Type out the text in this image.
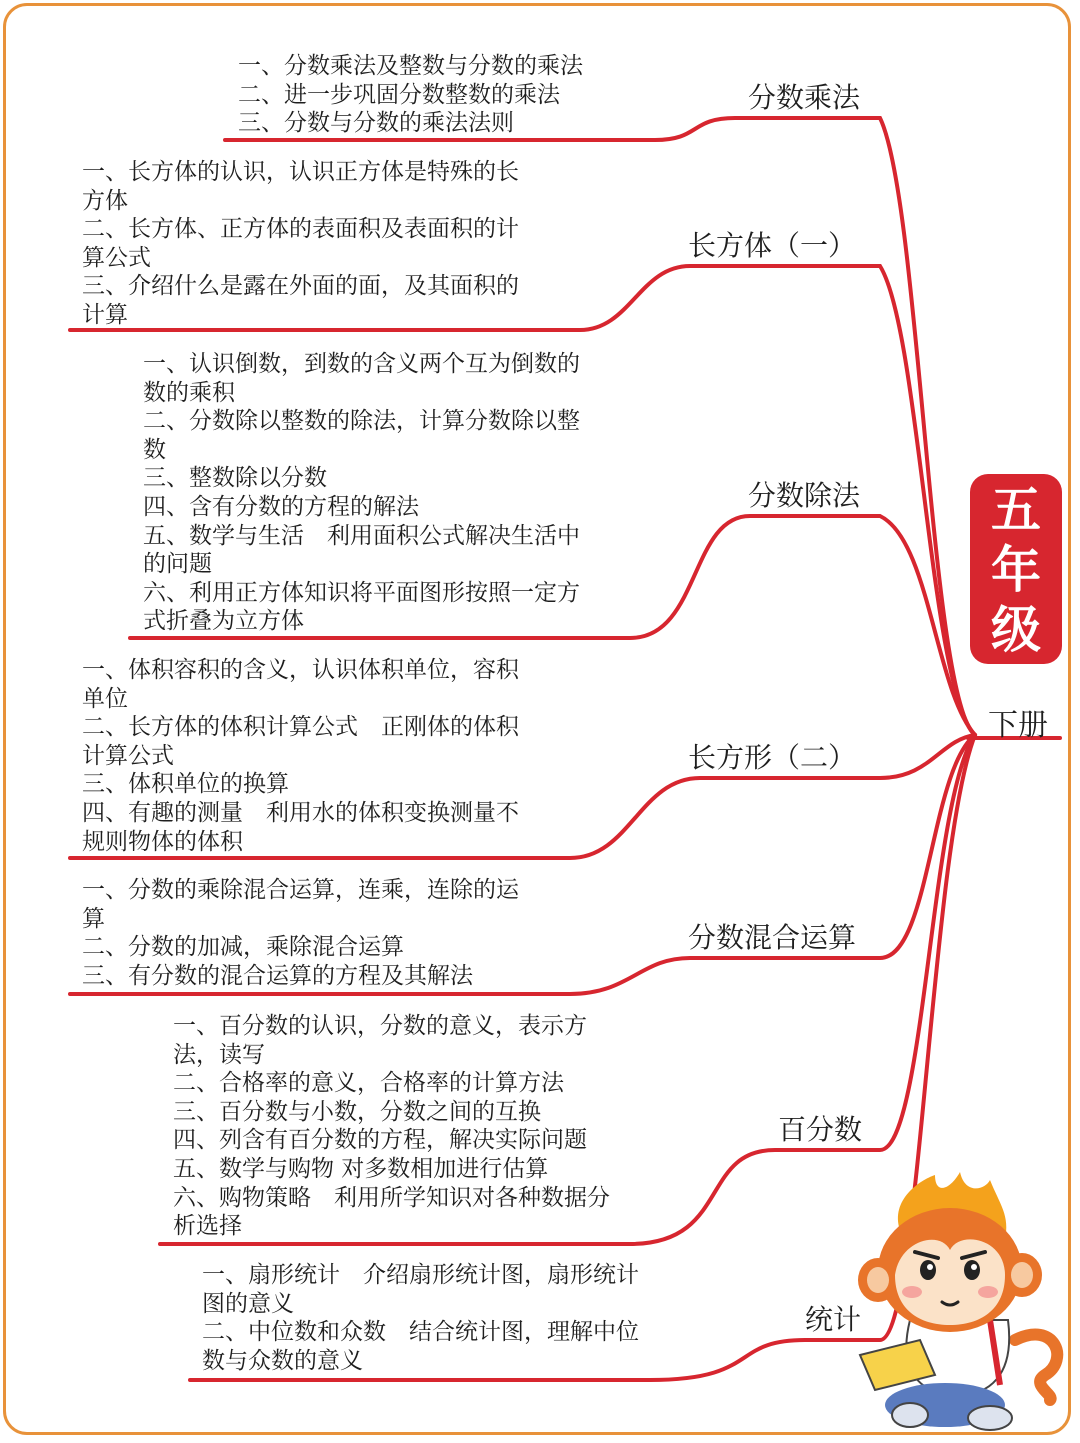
五
年
级
下册
分数乘法
一、分数乘法及整数与分数的乘法
二、进一步巩固分数整数的乘法
三、分数与分数的乘法法则
长方体（一）
一、长方体的认识，认识正方体是特殊的长
方体
二、长方体、正方体的表面积及表面积的计
算公式
三、介绍什么是露在外面的面，及其面积的
计算
分数除法
一、认识倒数，到数的含义两个互为倒数的
数的乘积
二、分数除以整数的除法，计算分数除以整
数
三、整数除以分数
四、含有分数的方程的解法
五、数学与生活　利用面积公式解决生活中
的问题
六、利用正方体知识将平面图形按照一定方
式折叠为立方体
长方形（二）
一、体积容积的含义，认识体积单位，容积
单位
二、长方体的体积计算公式　正刚体的体积
计算公式
三、体积单位的换算
四、有趣的测量　利用水的体积变换测量不
规则物体的体积
分数混合运算
一、分数的乘除混合运算，连乘，连除的运
算
二、分数的加减，乘除混合运算
三、有分数的混合运算的方程及其解法
百分数
一、百分数的认识，分数的意义，表示方
法，读写
二、合格率的意义，合格率的计算方法
三、百分数与小数，分数之间的互换
四、列含有百分数的方程，解决实际问题
五、数学与购物 对多数相加进行估算
六、购物策略　利用所学知识对各种数据分
析选择
统计
一、扇形统计　介绍扇形统计图，扇形统计
图的意义
二、中位数和众数　结合统计图，理解中位
数与众数的意义
